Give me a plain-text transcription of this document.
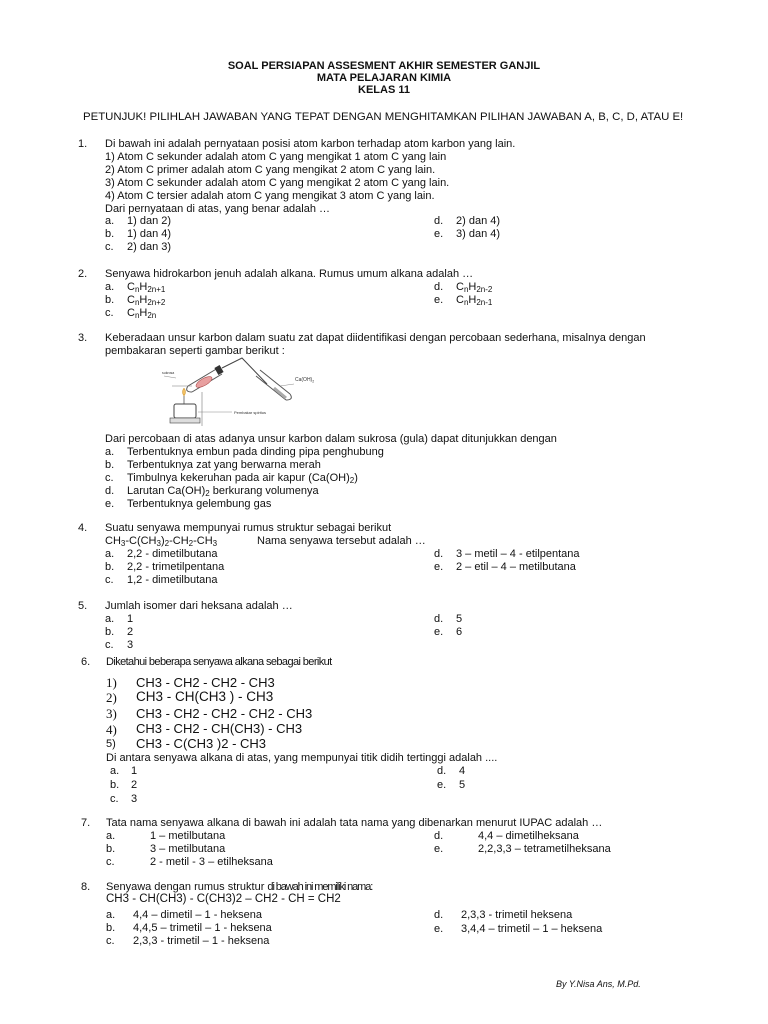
SOAL PERSIAPAN ASSESMENT AKHIR SEMESTER GANJIL
MATA PELAJARAN KIMIA
KELAS 11
PETUNJUK! PILIHLAH JAWABAN YANG TEPAT DENGAN MENGHITAMKAN PILIHAN JAWABAN A, B, C, D, ATAU E!
1. Di bawah ini adalah pernyataan posisi atom karbon terhadap atom karbon yang lain.
1) Atom C sekunder adalah atom C yang mengikat 1 atom C yang lain
2) Atom C primer adalah atom C yang mengikat 2 atom C yang lain.
3) Atom C sekunder adalah atom C yang mengikat 2 atom C yang lain.
4) Atom C tersier adalah atom C yang mengikat 3 atom C yang lain.
Dari pernyataan di atas, yang benar adalah …
a. 1) dan 2)
b. 1) dan 4)
c. 2) dan 3)
d. 2) dan 4)
e. 3) dan 4)
2. Senyawa hidrokarbon jenuh adalah alkana. Rumus umum alkana adalah …
a. $C_nH_{2n+1}$
b. $C_nH_{2n+2}$
c. $C_nH_{2n}$
d. $C_nH_{2n-2}$
e. $C_nH_{2n-1}$
3. Keberadaan unsur karbon dalam suatu zat dapat diidentifikasi dengan percobaan sederhana, misalnya dengan
pembakaran seperti gambar berikut :
$Ca(OH)_2$
Pembakar spiritus
sukrosa
Dari percobaan di atas adanya unsur karbon dalam sukrosa (gula) dapat ditunjukkan dengan
a. Terbentuknya embun pada dinding pipa penghubung
b. Terbentuknya zat yang berwarna merah
c. Timbulnya kekeruhan pada air kapur $(Ca(OH)_2)$
d. Larutan $Ca(OH)_2$ berkurang volumenya
e. Terbentuknya gelembung gas
4. Suatu senyawa mempunyai rumus struktur sebagai berikut
$CH_3-C(CH_3)_2-CH_2-CH_3$	Nama senyawa tersebut adalah …
a. 2,2 - dimetilbutana
b. 2,2 - trimetilpentana
c. 1,2 - dimetilbutana
d. 3 – metil – 4 - etilpentana
e. 2 – etil – 4 – metilbutana
5. Jumlah isomer dari heksana adalah …
a. 1
b. 2
c. 3
d. 5
e. 6
6. Diketahui beberapa senyawa alkana sebagai berikut
1) CH3 - CH2 - CH2 - CH3
2) CH3 - CH(CH3 ) - CH3
3) CH3 - CH2 - CH2 - CH2 - CH3
4) CH3 - CH2 - CH(CH3) - CH3
5) CH3 - C(CH3 )2 - CH3
Di antara senyawa alkana di atas, yang mempunyai titik didih tertinggi adalah ....
a. 1
b. 2
c. 3
d. 4
e. 5
7. Tata nama senyawa alkana di bawah ini adalah tata nama yang dibenarkan menurut IUPAC adalah …
a.	1 – metilbutana
b.	3 – metilbutana
c.	2 - metil - 3 – etilheksana
d.	4,4 – dimetilheksana
e.	2,2,3,3 – tetrametilheksana
8. Senyawa dengan rumus struktur di bawah ini memiliki nama:
CH3 - CH(CH3) - C(CH3)2 – CH2 - CH = CH2
a. 4,4 – dimetil – 1 - heksena
b. 4,4,5 – trimetil – 1 - heksena
c. 2,3,3 - trimetil – 1 - heksena
d. 2,3,3 - trimetil heksena
e. 3,4,4 – trimetil – 1 – heksena
By Y.Nisa Ans, M.Pd.
